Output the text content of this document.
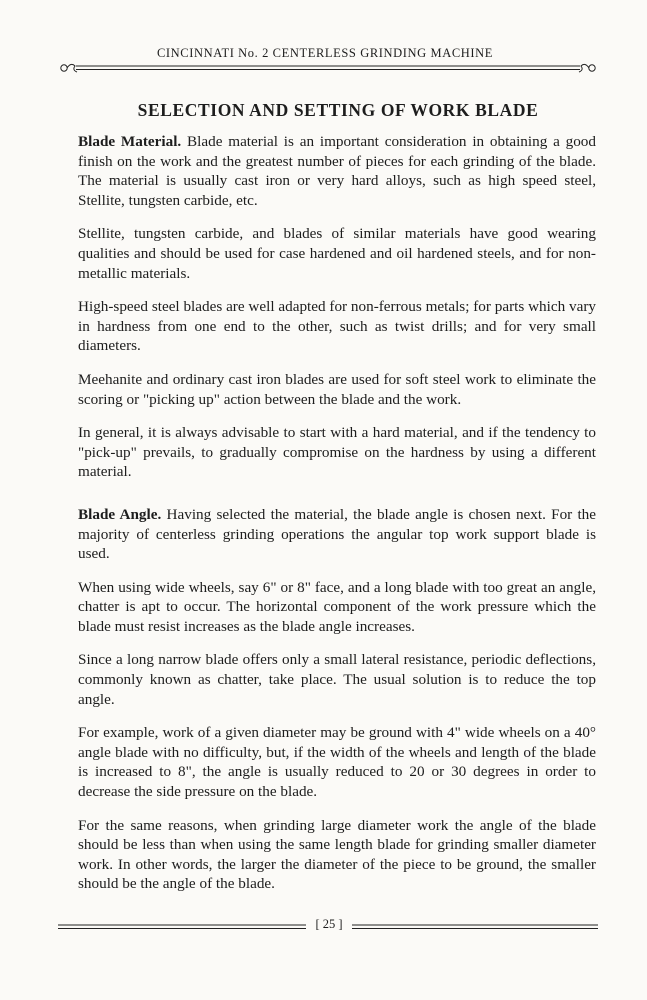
CINCINNATI No. 2 CENTERLESS GRINDING MACHINE
SELECTION AND SETTING OF WORK BLADE

Blade Material. Blade material is an important consideration in obtaining a good finish on the work and the greatest number of pieces for each grinding of the blade. The material is usually cast iron or very hard alloys, such as high speed steel, Stellite, tungsten carbide, etc.

Stellite, tungsten carbide, and blades of similar materials have good wearing qualities and should be used for case hardened and oil hardened steels, and for non-metallic materials.

High-speed steel blades are well adapted for non-ferrous metals; for parts which vary in hardness from one end to the other, such as twist drills; and for very small diameters.

Meehanite and ordinary cast iron blades are used for soft steel work to eliminate the scoring or "picking up" action between the blade and the work.

In general, it is always advisable to start with a hard material, and if the tendency to "pick-up" prevails, to gradually compromise on the hardness by using a different material.

Blade Angle. Having selected the material, the blade angle is chosen next. For the majority of centerless grinding operations the angular top work support blade is used.

When using wide wheels, say 6" or 8" face, and a long blade with too great an angle, chatter is apt to occur. The horizontal component of the work pressure which the blade must resist increases as the blade angle increases.

Since a long narrow blade offers only a small lateral resistance, periodic deflections, commonly known as chatter, take place. The usual solution is to reduce the top angle.

For example, work of a given diameter may be ground with 4" wide wheels on a 40° angle blade with no difficulty, but, if the width of the wheels and length of the blade is increased to 8", the angle is usually reduced to 20 or 30 degrees in order to decrease the side pressure on the blade.

For the same reasons, when grinding large diameter work the angle of the blade should be less than when using the same length blade for grinding smaller diameter work. In other words, the larger the diameter of the piece to be ground, the smaller should be the angle of the blade.

[ 25 ]
